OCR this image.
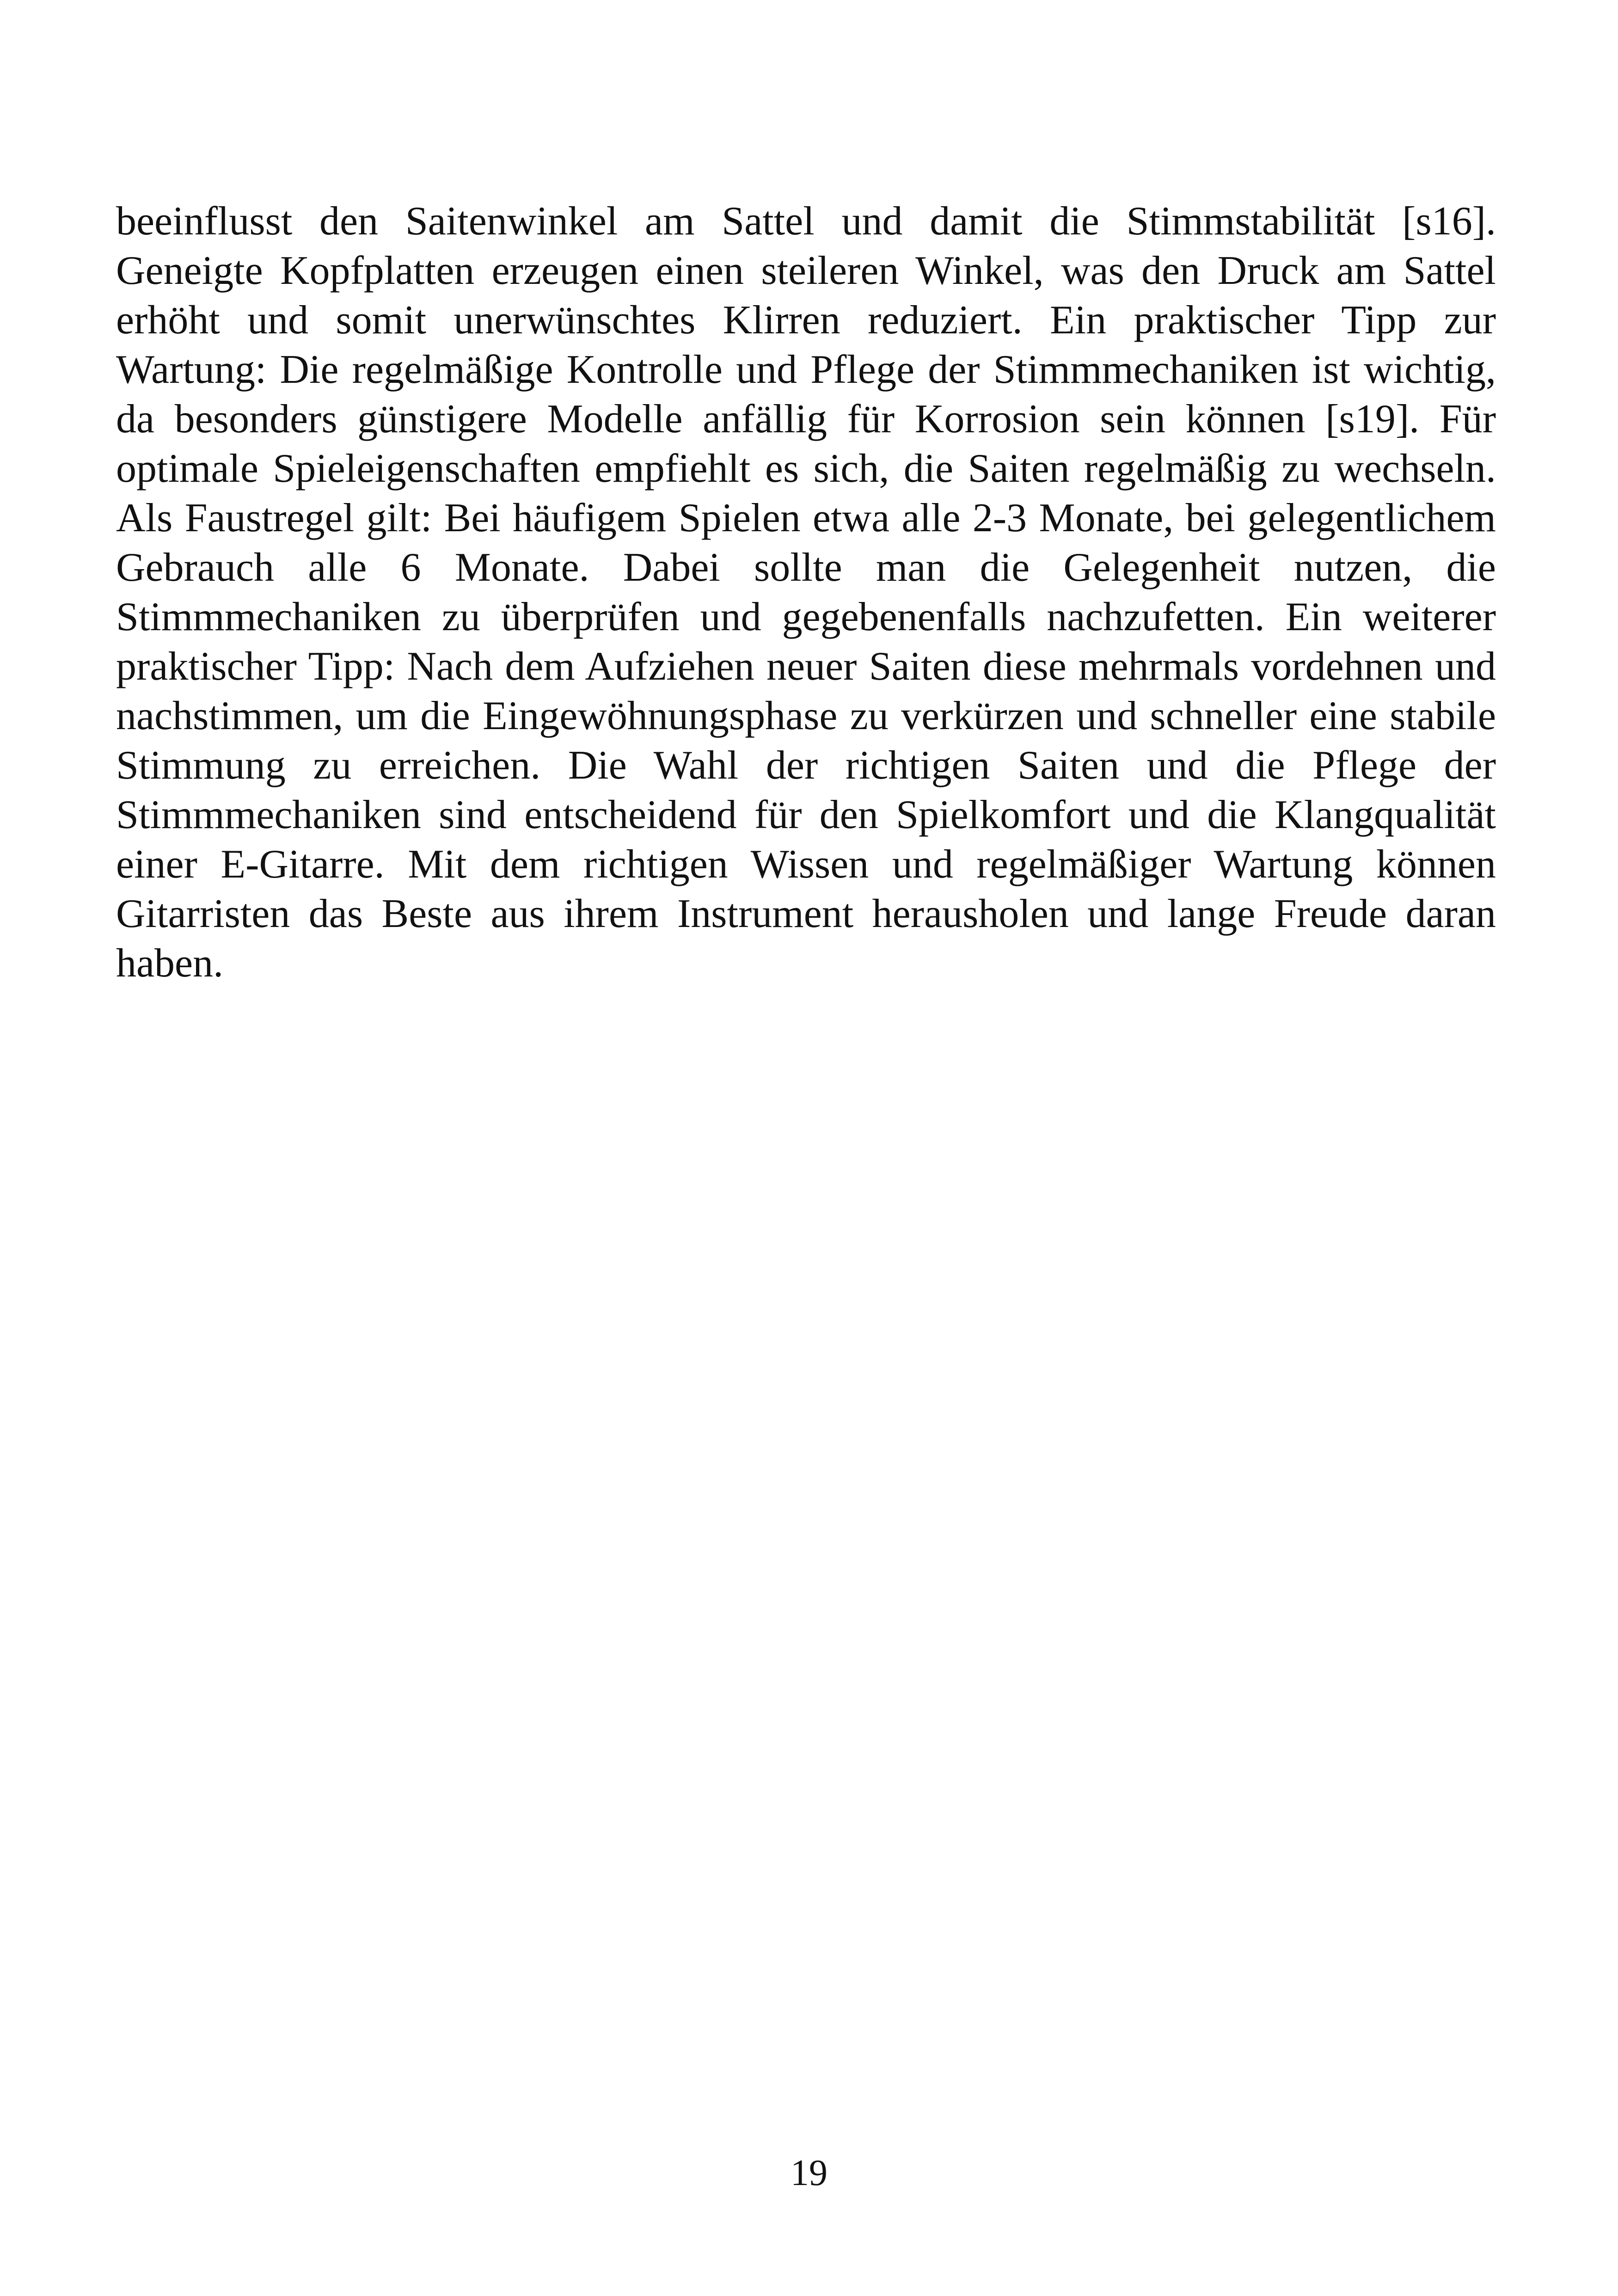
beeinflusst den Saitenwinkel am Sattel und damit die Stimmstabilität [s16]. Geneigte Kopfplatten erzeugen einen steileren Winkel, was den Druck am Sattel erhöht und somit unerwünschtes Klirren reduziert. Ein praktischer Tipp zur Wartung: Die regelmäßige Kontrolle und Pflege der Stimmmechaniken ist wichtig, da besonders günstigere Modelle anfällig für Korrosion sein können [s19]. Für optimale Spieleigenschaften empfiehlt es sich, die Saiten regelmäßig zu wechseln. Als Faustregel gilt: Bei häufigem Spielen etwa alle 2-3 Monate, bei gelegentlichem Gebrauch alle 6 Monate. Dabei sollte man die Gelegenheit nutzen, die Stimmmechaniken zu überprüfen und gegebenenfalls nachzufetten. Ein weiterer praktischer Tipp: Nach dem Aufziehen neuer Saiten diese mehrmals vordehnen und nachstimmen, um die Eingewöhnungsphase zu verkürzen und schneller eine stabile Stimmung zu erreichen. Die Wahl der richtigen Saiten und die Pflege der Stimmmechaniken sind entscheidend für den Spielkomfort und die Klangqualität einer E-Gitarre. Mit dem richtigen Wissen und regelmäßiger Wartung können Gitarristen das Beste aus ihrem Instrument herausholen und lange Freude daran haben.

19
